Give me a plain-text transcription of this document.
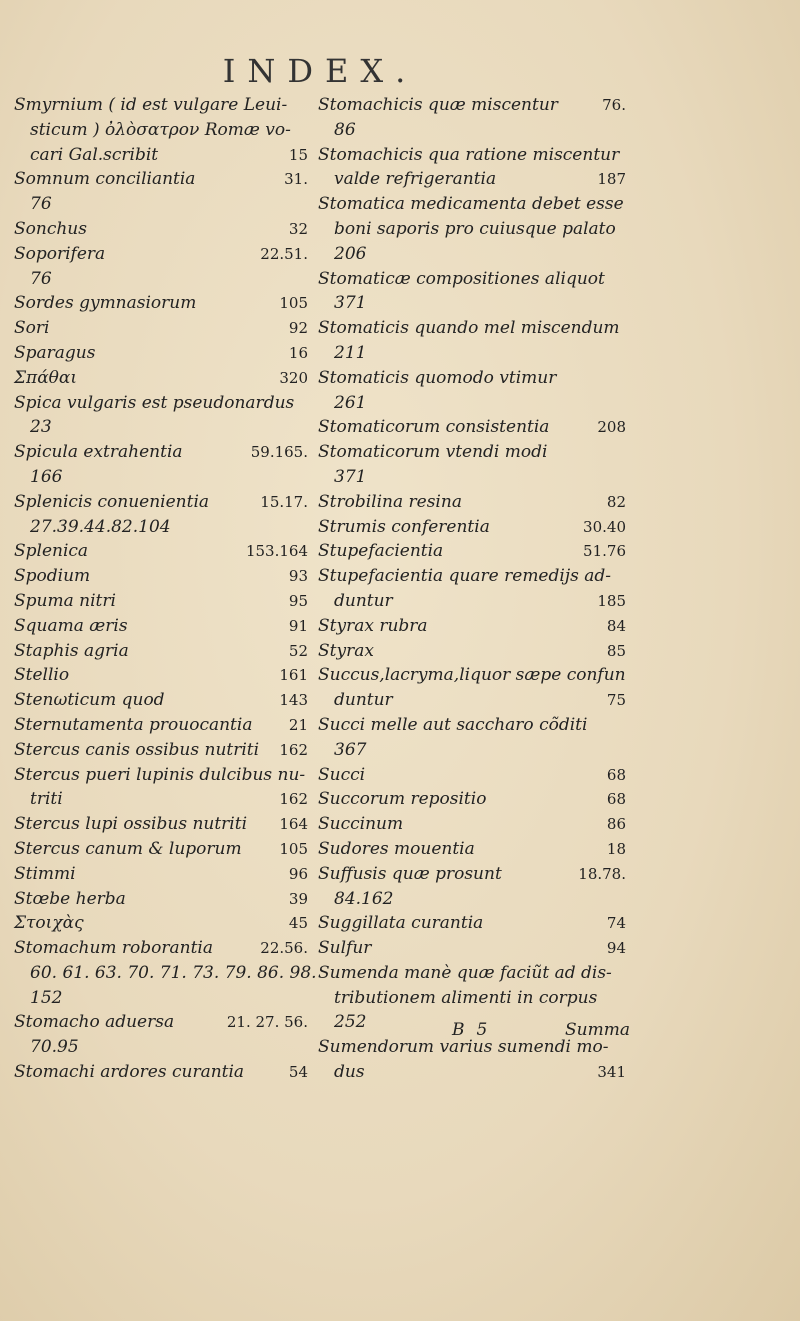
INDEX.
Smyrnium ( id est vulgare Leui-
sticum ) ὀλὸσατρον Romæ vo-
cari Gal.scribit	15
Somnum conciliantia	31.
76
Sonchus	32
Soporifera	22.51.
76
Sordes gymnasiorum	105
Sori	92
Sparagus	16
Σπάθαι	320
Spica vulgaris est pseudonardus
23
Spicula extrahentia	59.165.
166
Splenicis conuenientia	15.17.
27.39.44.82.104
Splenica	153.164
Spodium	93
Spuma nitri	95
Squama æris	91
Staphis agria	52
Stellio	161
Stenωticum quod	143
Sternutamenta prouocantia 21
Stercus canis ossibus nutriti 162
Stercus pueri lupinis dulcibus nu-
triti	162
Stercus lupi ossibus nutriti 164
Stercus canum & luporum	105
Stimmi	96
Stœbe herba	39
Στοιχὰς	45
Stomachum roborantia	22.56.
60. 61. 63. 70. 71. 73. 79. 86. 98.
152
Stomacho aduersa	21. 27. 56.
70.95
Stomachi ardores curantia	54
Stomachicis quæ miscentur	76.
86
Stomachicis qua ratione miscentur
valde refrigerantia	187
Stomatica medicamenta debet esse
boni saporis pro cuiusque palato
206
Stomaticæ compositiones aliquot
371
Stomaticis quando mel miscendum
211
Stomaticis quomodo vtimur
261
Stomaticorum consistentia	208
Stomaticorum vtendi modi
371
Strobilina resina	82
Strumis conferentia	30.40
Stupefacientia	51.76
Stupefacientia quare remedijs ad-
duntur	185
Styrax rubra	84
Styrax	85
Succus,lacryma,liquor sæpe confun
duntur	75
Succi melle aut saccharo cõditi
367
Succi	68
Succorum repositio	68
Succinum	86
Sudores mouentia	18
Suffusis quæ prosunt	18.78.
84.162
Suggillata curantia	74
Sulfur	94
Sumenda manè quæ faciũt ad dis-
tributionem alimenti in corpus
252
Sumendorum varius sumendi mo-
dus	341
B 5	Summa
